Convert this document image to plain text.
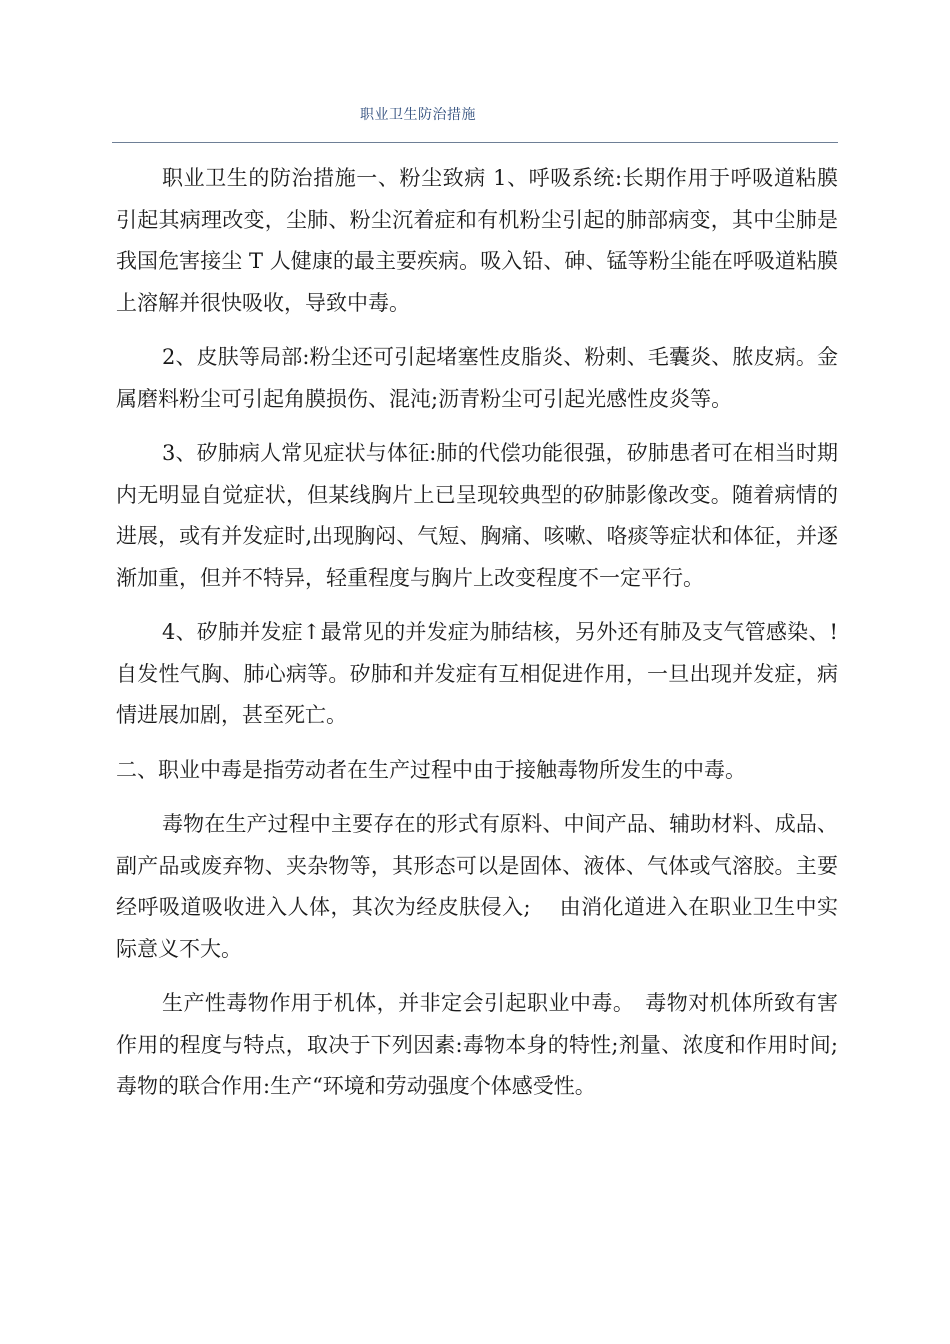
职业卫生防治措施

职业卫生的防治措施一、粉尘致病 1、呼吸系统:长期作用于呼吸道粘膜引起其病理改变，尘肺、粉尘沉着症和有机粉尘引起的肺部病变，其中尘肺是我国危害接尘 T 人健康的最主要疾病。吸入铅、砷、锰等粉尘能在呼吸道粘膜上溶解并很快吸收，导致中毒。

2、皮肤等局部:粉尘还可引起堵塞性皮脂炎、粉刺、毛囊炎、脓皮病。金属磨料粉尘可引起角膜损伤、混沌;沥青粉尘可引起光感性皮炎等。

3、矽肺病人常见症状与体征:肺的代偿功能很强，矽肺患者可在相当时期内无明显自觉症状，但某线胸片上已呈现较典型的矽肺影像改变。随着病情的进展，或有并发症时,出现胸闷、气短、胸痛、咳嗽、咯痰等症状和体征，并逐渐加重，但并不特异，轻重程度与胸片上改变程度不一定平行。

4、矽肺并发症↑最常见的并发症为肺结核，另外还有肺及支气管感染、!自发性气胸、肺心病等。矽肺和并发症有互相促进作用，一旦出现并发症，病情进展加剧，甚至死亡。

二、职业中毒是指劳动者在生产过程中由于接触毒物所发生的中毒。

毒物在生产过程中主要存在的形式有原料、中间产品、辅助材料、成品、副产品或废弃物、夹杂物等，其形态可以是固体、液体、气体或气溶胶。主要经呼吸道吸收进入人体，其次为经皮肤侵入;　 由消化道进入在职业卫生中实际意义不大。

生产性毒物作用于机体，并非定会引起职业中毒。　毒物对机体所致有害作用的程度与特点，取决于下列因素:毒物本身的特性;剂量、浓度和作用时间;毒物的联合作用:生产“环境和劳动强度个体感受性。
